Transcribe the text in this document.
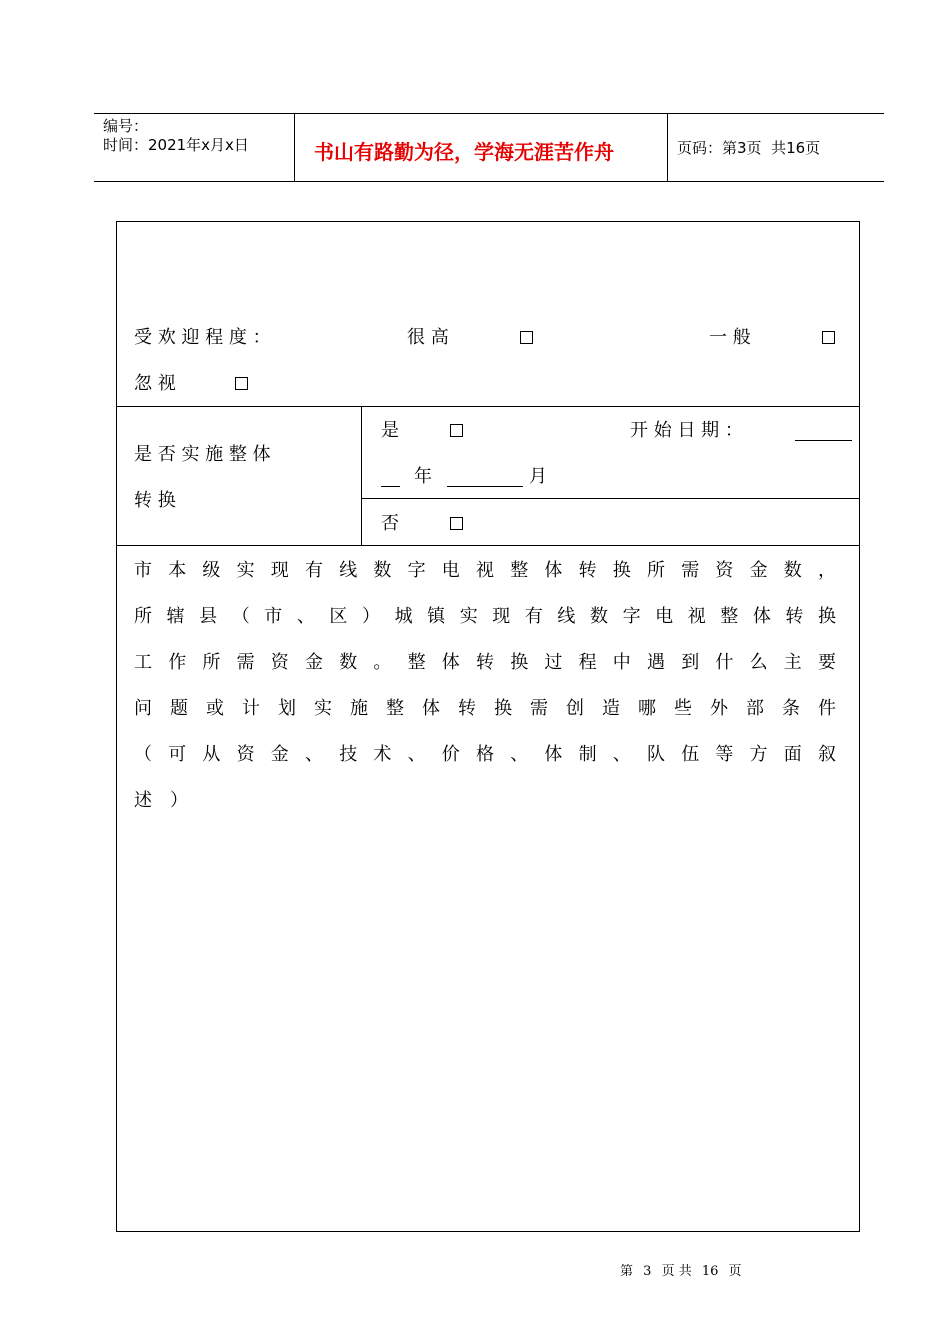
编号：
时间：2021年x月x日	书山有路勤为径，学海无涯苦作舟	页码：第3页  共16页
受 欢 迎 程 度 ：	很 高	一 般
忽 视
是 否 实 施 整 体
转 换
是	开 始 日 期 ：
年	月
否
市本级实现有线数字电视整体转换所需资金数，
所辖县（市、区）城镇实现有线数字电视整体转换
工作所需资金数。整体转换过程中遇到什么主要
问题或计划实施整体转换需创造哪些外部条件
（可从资金、技术、价格、体制、队伍等方面叙
述）
第 3 页 共 16 页
